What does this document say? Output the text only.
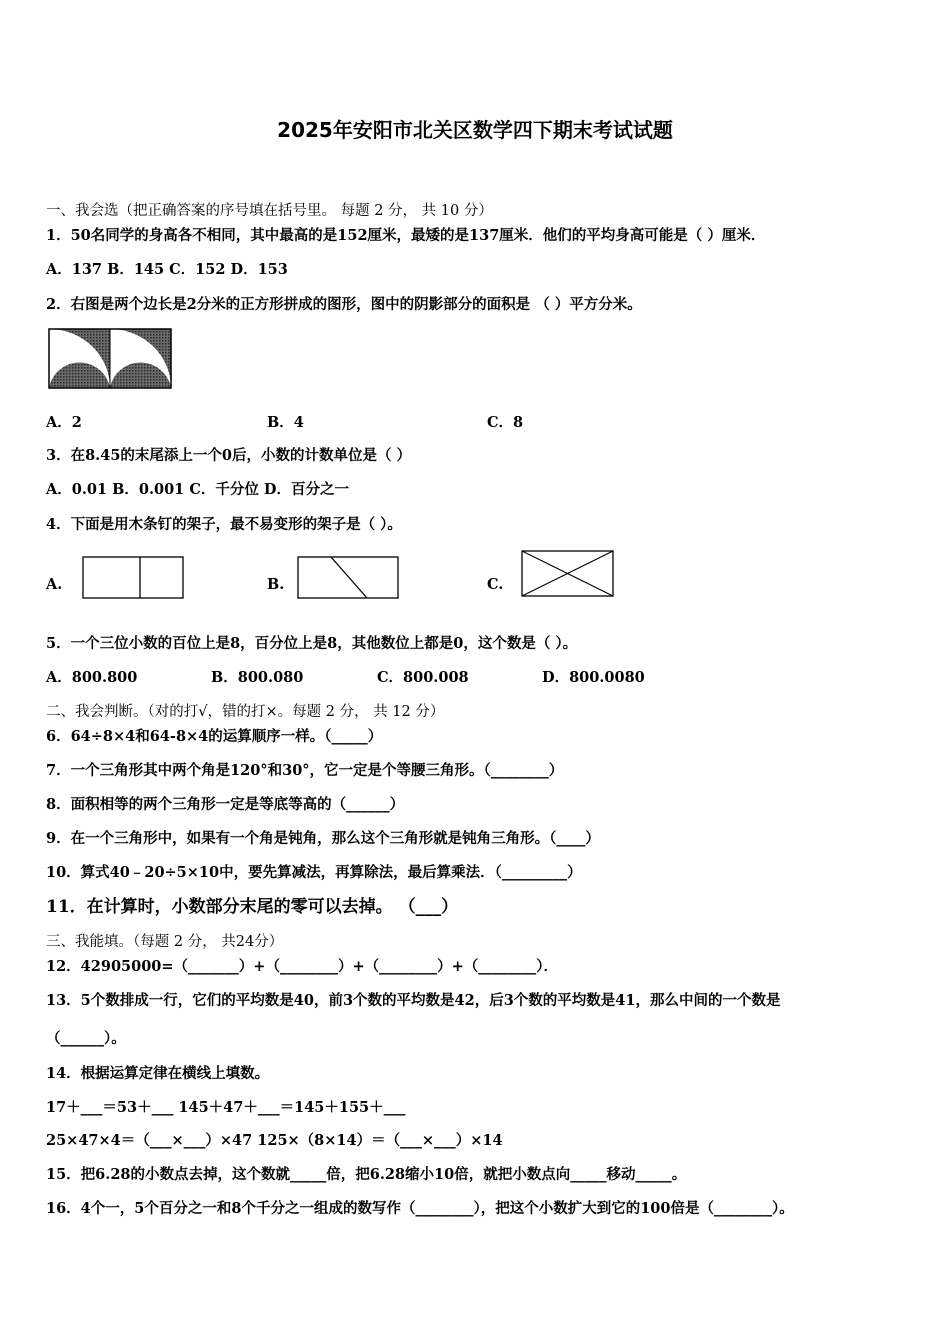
2025年安阳市北关区数学四下期末考试试题
一、我会选（把正确答案的序号填在括号里。 每题 2 分， 共 10 分）
1．50名同学的身高各不相同，其中最高的是152厘米，最矮的是137厘米．他们的平均身高可能是（ ）厘米．
A．137 B．145 C．152 D．153
2．右图是两个边长是2分米的正方形拼成的图形，图中的阴影部分的面积是 （ ）平方分米。
A．2	B．4	C．8
3．在8.45的末尾添上一个0后，小数的计数单位是（ ）
A．0.01 B．0.001 C．千分位 D．百分之一
4．下面是用木条钉的架子，最不易变形的架子是（ ）。
A.	B.	C.
5．一个三位小数的百位上是8，百分位上是8，其他数位上都是0，这个数是（ ）。
A．800.800	B．800.080	C．800.008	D．800.0080
二、我会判断。（对的打√，错的打×。每题 2 分， 共 12 分）
6．64÷8×4和64-8×4的运算顺序一样。（_____）
7．一个三角形其中两个角是120°和30°，它一定是个等腰三角形。（________）
8．面积相等的两个三角形一定是等底等高的（______）
9．在一个三角形中，如果有一个角是钝角，那么这个三角形就是钝角三角形。（____）
10．算式40﹣20÷5×10中，要先算减法，再算除法，最后算乘法．（_________）
11．在计算时，小数部分末尾的零可以去掉。 （___）
三、我能填。（每题 2 分， 共24分）
12．42905000=（_______）+（________）+（________）+（________）．
13．5个数排成一行，它们的平均数是40，前3个数的平均数是42，后3个数的平均数是41，那么中间的一个数是
（______）。
14．根据运算定律在横线上填数。
17＋___＝53＋___ 145＋47＋___＝145＋155＋___
25×47×4＝（___×___）×47 125×（8×14）＝（___×___）×14
15．把6.28的小数点去掉，这个数就_____倍，把6.28缩小10倍，就把小数点向_____移动_____。
16．4个一，5个百分之一和8个千分之一组成的数写作（________），把这个小数扩大到它的100倍是（________）。
